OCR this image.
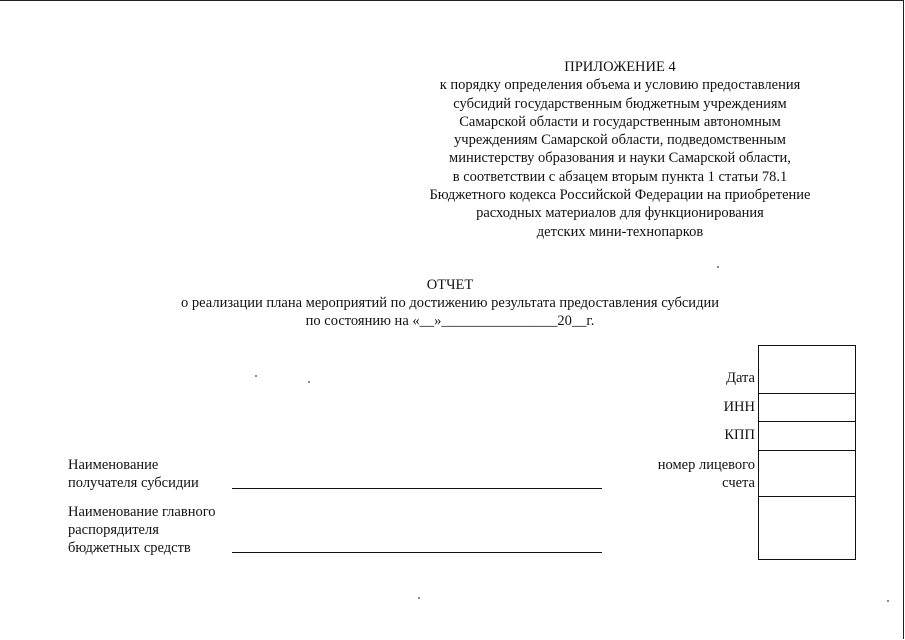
ПРИЛОЖЕНИЕ 4
к порядку определения объема и условию предоставления
субсидий государственным бюджетным учреждениям
Самарской области и государственным автономным
учреждениям Самарской области, подведомственным
министерству образования и науки Самарской области,
в соответствии с абзацем вторым пункта 1 статьи 78.1
Бюджетного кодекса Российской Федерации на приобретение
расходных материалов для функционирования
детских мини-технопарков
ОТЧЕТ
о реализации плана мероприятий по достижению результата предоставления субсидии
по состоянию на «__»________________20__г.
Дата
ИНН
КПП
номер лицевого
счета
Наименование
получателя субсидии
Наименование главного
распорядителя
бюджетных средств
